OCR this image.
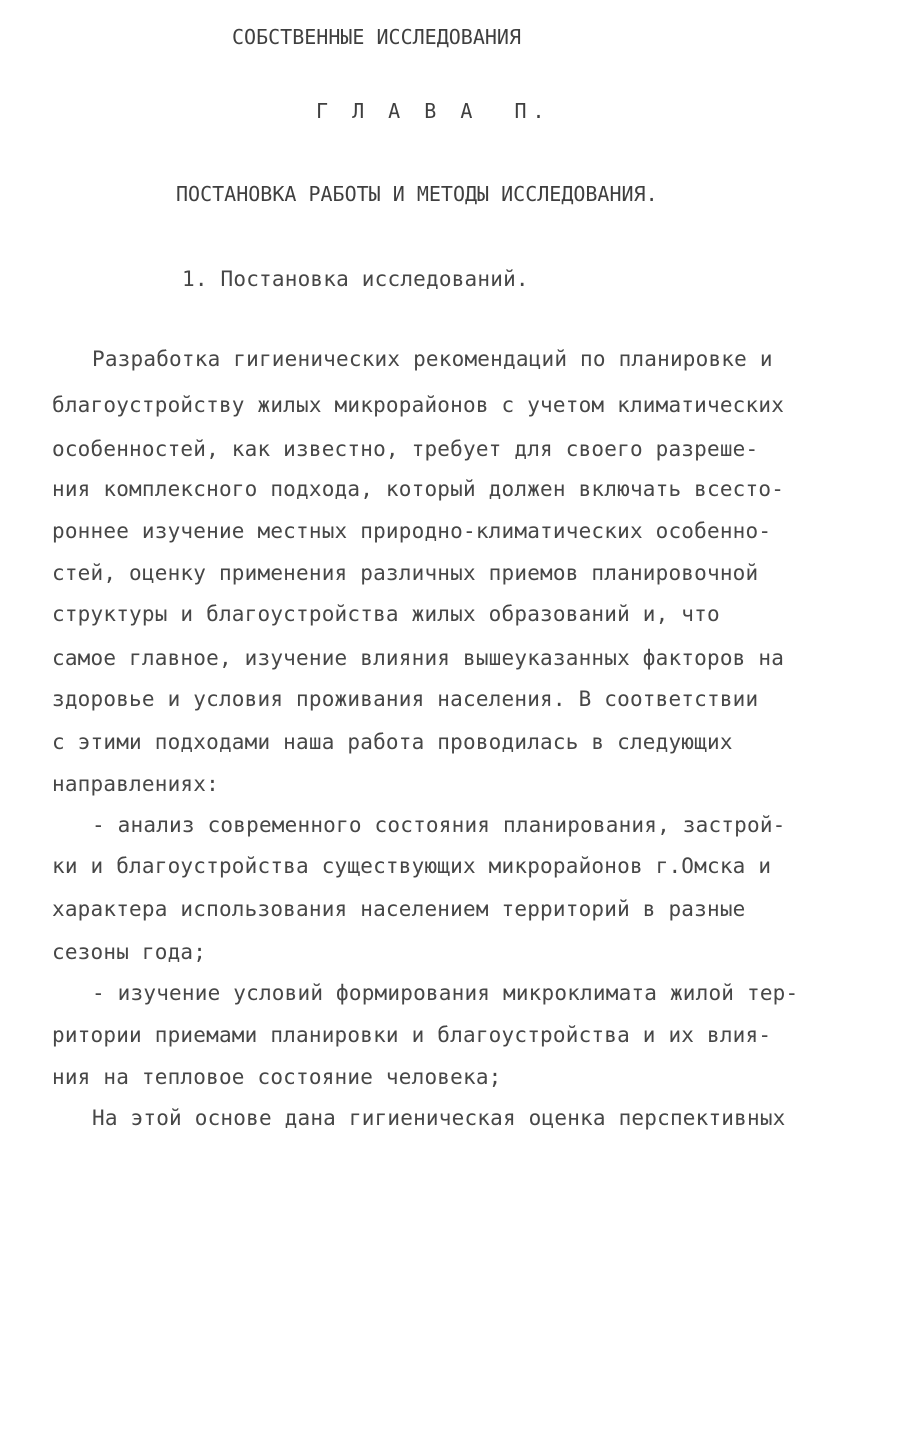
СОБСТВЕННЫЕ ИССЛЕДОВАНИЯ
Г Л А В А  П.
ПОСТАНОВКА РАБОТЫ И МЕТОДЫ ИССЛЕДОВАНИЯ.
1. Постановка исследований.
Разработка гигиенических рекомендаций по планировке и
благоустройству жилых микрорайонов с учетом климатических
особенностей, как известно, требует для своего разреше-
ния комплексного подхода, который должен включать всесто-
роннее изучение местных природно-климатических особенно-
стей, оценку применения различных приемов планировочной
структуры и благоустройства жилых образований и, что
самое главное, изучение влияния вышеуказанных факторов на
здоровье и условия проживания населения. В соответствии
с этими подходами наша работа проводилась в следующих
направлениях:
- анализ современного состояния планирования, застрой-
ки и благоустройства существующих микрорайонов г.Омска и
характера использования населением территорий в разные
сезоны года;
- изучение условий формирования микроклимата жилой тер-
ритории приемами планировки и благоустройства и их влия-
ния на тепловое состояние человека;
На этой основе дана гигиеническая оценка перспективных
